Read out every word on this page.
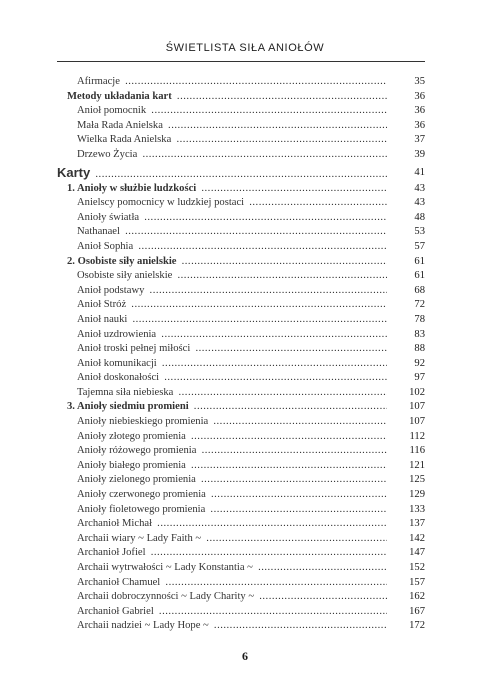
ŚWIETLISTA SIŁA ANIOŁÓW
Afirmacje .....	35
Metody układania kart .....	36
Anioł pomocnik .....	36
Mała Rada Anielska .....	36
Wielka Rada Anielska .....	37
Drzewo Życia .....	39
Karty .....	41
1. Anioły w służbie ludzkości .....	43
Anielscy pomocnicy w ludzkiej postaci .....	43
Anioły światła .....	48
Nathanael .....	53
Anioł Sophia .....	57
2. Osobiste siły anielskie .....	61
Osobiste siły anielskie .....	61
Anioł podstawy .....	68
Anioł Stróż .....	72
Anioł nauki .....	78
Anioł uzdrowienia .....	83
Anioł troski pełnej miłości .....	88
Anioł komunikacji .....	92
Anioł doskonałości .....	97
Tajemna siła niebieska .....	102
3. Anioły siedmiu promieni .....	107
Anioły niebieskiego promienia .....	107
Anioły złotego promienia .....	112
Anioły różowego promienia .....	116
Anioły białego promienia .....	121
Anioły zielonego promienia .....	125
Anioły czerwonego promienia .....	129
Anioły fioletowego promienia .....	133
Archanioł Michał .....	137
Archaii wiary ~ Lady Faith ~ .....	142
Archanioł Jofiel .....	147
Archaii wytrwałości ~ Lady Konstantia ~ .....	152
Archanioł Chamuel .....	157
Archaii dobroczynności ~ Lady Charity ~ .....	162
Archanioł Gabriel .....	167
Archaii nadziei ~ Lady Hope ~ .....	172
6
